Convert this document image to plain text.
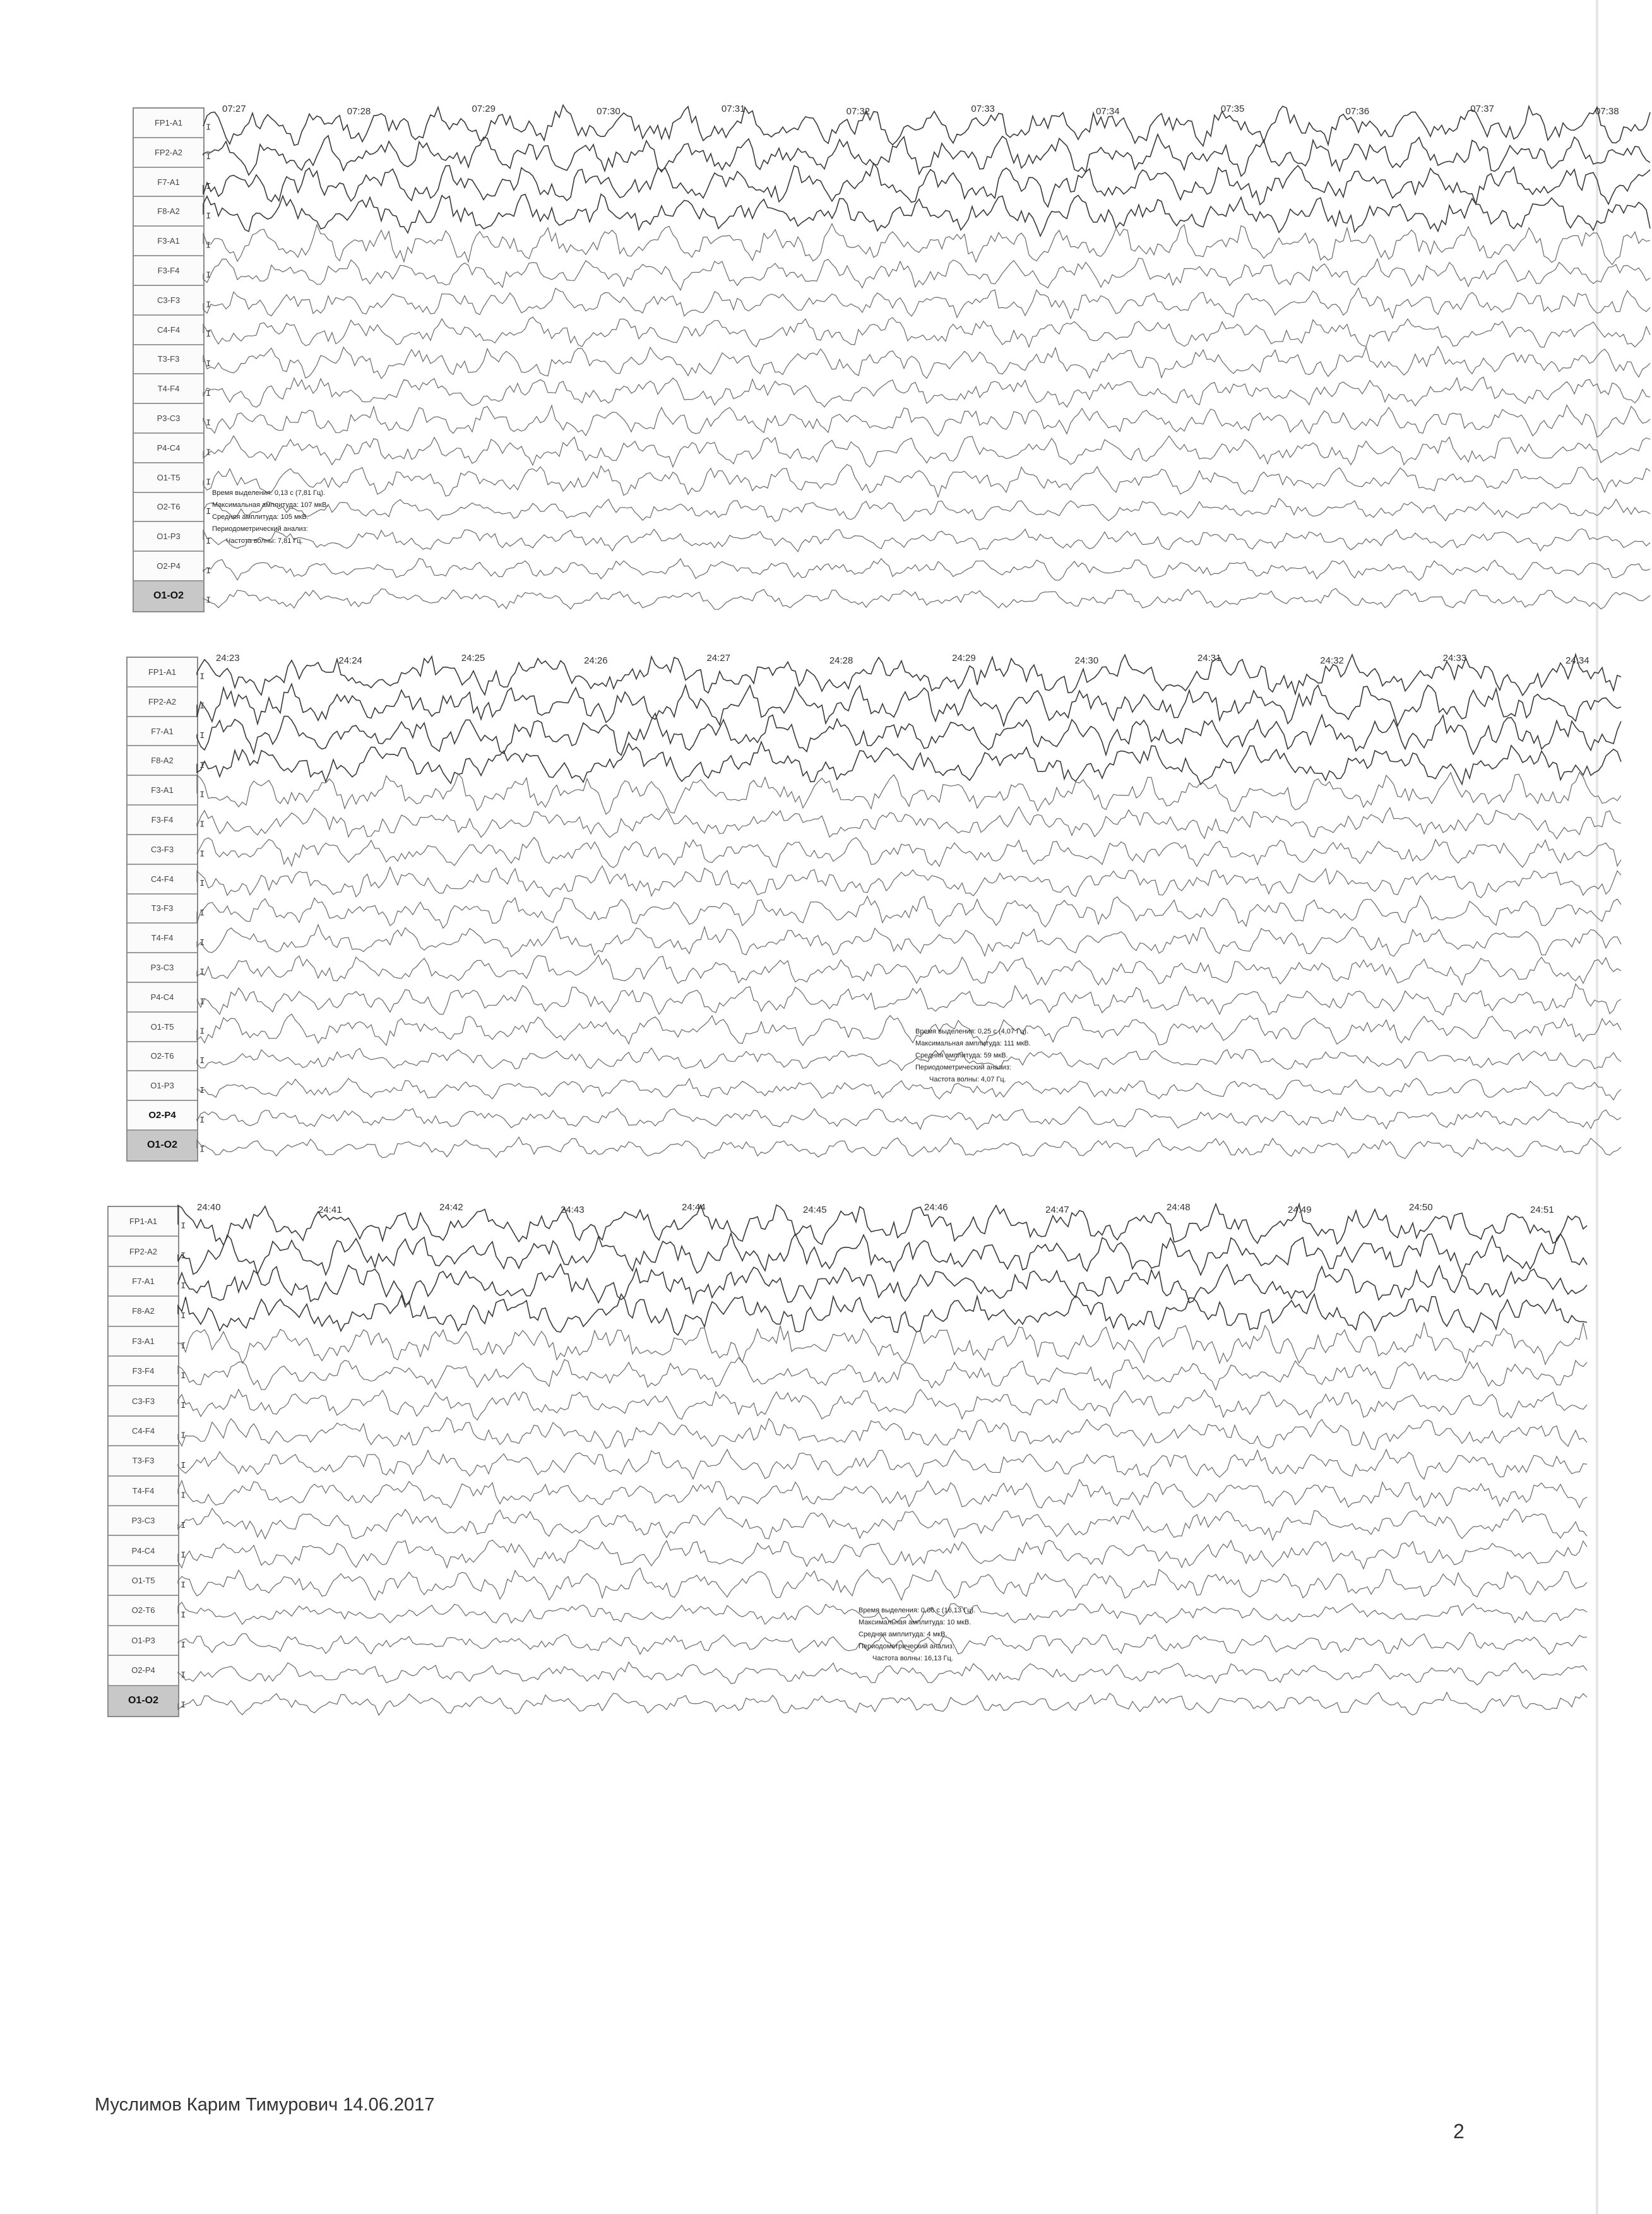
FP1-A1
FP2-A2
F7-A1
F8-A2
F3-A1
F3-F4
C3-F3
C4-F4
T3-F3
T4-F4
P3-C3
P4-C4
O1-T5
O2-T6
O1-P3
O2-P4
O1-O2
I
I
I
I
I
I
I
I
I
I
I
I
I
I
I
I
I
07:27	07:28	07:29	07:30	07:31	07:32	07:33	07:34	07:35	07:36	07:37	07:38
Время выделения: 0,13 с (7,81 Гц).
Максимальная амплитуда: 107 мкВ.
Средняя амплитуда: 105 мкВ.
Периодометрический анализ:
Частота волны: 7,81 Гц.
FP1-A1
FP2-A2
F7-A1
F8-A2
F3-A1
F3-F4
C3-F3
C4-F4
T3-F3
T4-F4
P3-C3
P4-C4
O1-T5
O2-T6
O1-P3
O2-P4
O1-O2
I
I
I
I
I
I
I
I
I
I
I
I
I
I
I
I
I
24:23	24:24	24:25	24:26	24:27	24:28	24:29	24:30	24:31	24:32	24:33	24:34
Время выделения: 0,25 с (4,07 Гц).
Максимальная амплитуда: 111 мкВ.
Средняя амплитуда: 59 мкВ.
Периодометрический анализ:
Частота волны: 4,07 Гц.
FP1-A1
FP2-A2
F7-A1
F8-A2
F3-A1
F3-F4
C3-F3
C4-F4
T3-F3
T4-F4
P3-C3
P4-C4
O1-T5
O2-T6
O1-P3
O2-P4
O1-O2
I
I
I
I
I
I
I
I
I
I
I
I
I
I
I
I
I
24:40	24:41	24:42	24:43	24:44	24:45	24:46	24:47	24:48	24:49	24:50	24:51
Время выделения: 0,06 с (16,13 Гц).
Максимальная амплитуда: 10 мкВ.
Средняя амплитуда: 4 мкВ.
Периодометрический анализ:
Частота волны: 16,13 Гц.
Муслимов Карим Тимурович 14.06.2017
2
